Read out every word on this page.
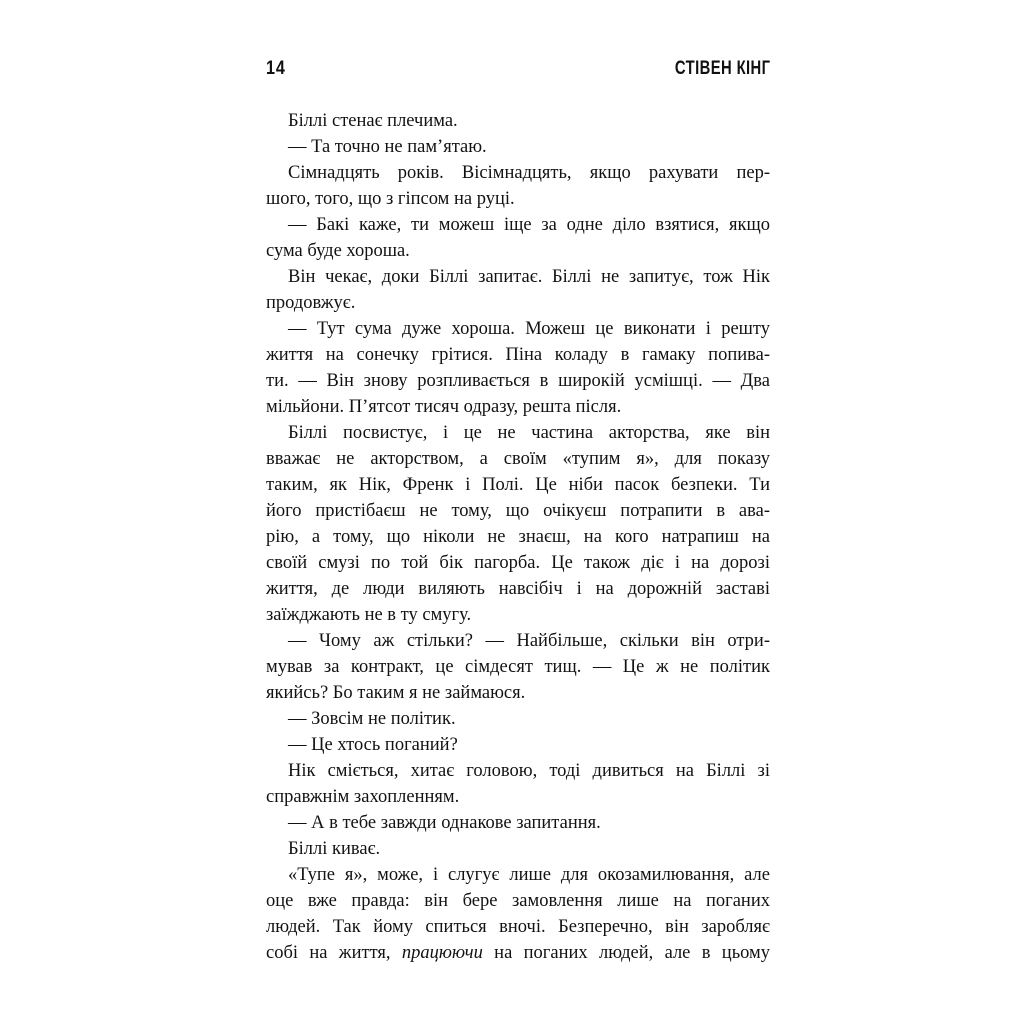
14	СТІВЕН КІНГ
Біллі стенає плечима.
— Та точно не пам’ятаю.
Сімнадцять років. Вісімнадцять, якщо рахувати пер-
шого, того, що з гіпсом на руці.
— Бакі каже, ти можеш іще за одне діло взятися, якщо
сума буде хороша.
Він чекає, доки Біллі запитає. Біллі не запитує, тож Нік
продовжує.
— Тут сума дуже хороша. Можеш це виконати і решту
життя на сонечку грітися. Піна коладу в гамаку попива-
ти. — Він знову розпливається в широкій усмішці. — Два
мільйони. П’ятсот тисяч одразу, решта після.
Біллі посвистує, і це не частина акторства, яке він
вважає не акторством, а своїм «тупим я», для показу
таким, як Нік, Френк і Полі. Це ніби пасок безпеки. Ти
його пристібаєш не тому, що очікуєш потрапити в ава-
рію, а тому, що ніколи не знаєш, на кого натрапиш на
своїй смузі по той бік пагорба. Це також діє і на дорозі
життя, де люди виляють навсібіч і на дорожній заставі
заїжджають не в ту смугу.
— Чому аж стільки? — Найбільше, скільки він отри-
мував за контракт, це сімдесят тищ. — Це ж не політик
якийсь? Бо таким я не займаюся.
— Зовсім не політик.
— Це хтось поганий?
Нік сміється, хитає головою, тоді дивиться на Біллі зі
справжнім захопленням.
— А в тебе завжди однакове запитання.
Біллі киває.
«Тупе я», може, і слугує лише для окозамилювання, але
оце вже правда: він бере замовлення лише на поганих
людей. Так йому спиться вночі. Безперечно, він заробляє
собі на життя, працюючи на поганих людей, але в цьому
